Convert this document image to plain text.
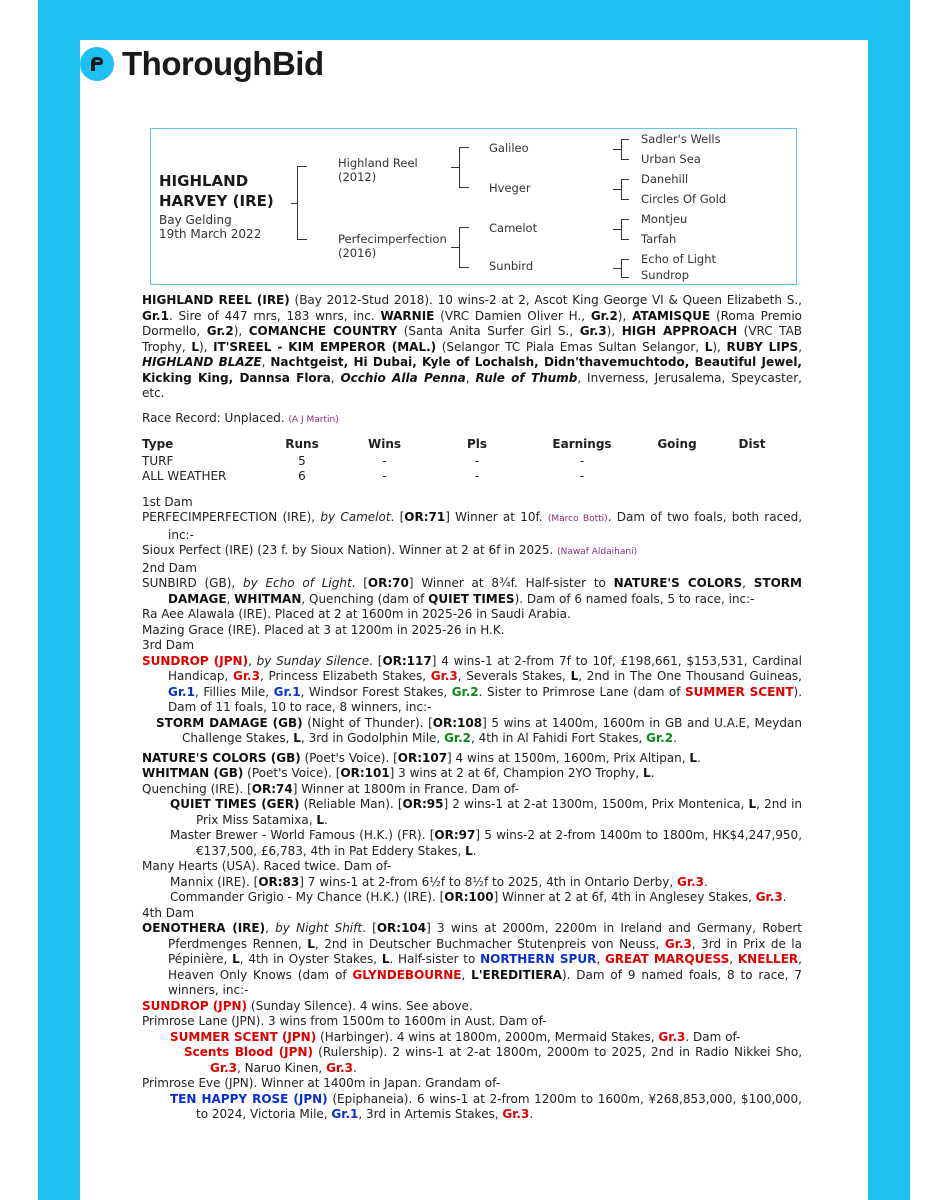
ThoroughBid
HIGHLAND
HARVEY (IRE)
Bay Gelding
19th March 2022
Highland Reel
(2012)
Perfecimperfection
(2016)
Galileo
Hveger
Camelot
Sunbird
Sadler's Wells
Urban Sea
Danehill
Circles Of Gold
Montjeu
Tarfah
Echo of Light
Sundrop

HIGHLAND REEL (IRE) (Bay 2012-Stud 2018). 10 wins-2 at 2, Ascot King George VI & Queen Elizabeth S., Gr.1. Sire of 447 rnrs, 183 wnrs, inc. WARNIE (VRC Damien Oliver H., Gr.2), ATAMISQUE (Roma Premio Dormello, Gr.2), COMANCHE COUNTRY (Santa Anita Surfer Girl S., Gr.3), HIGH APPROACH (VRC TAB Trophy, L), IT'SREEL - KIM EMPEROR (MAL.) (Selangor TC Piala Emas Sultan Selangor, L), RUBY LIPS, HIGHLAND BLAZE, Nachtgeist, Hi Dubai, Kyle of Lochalsh, Didn'thavemuchtodo, Beautiful Jewel, Kicking King, Dannsa Flora, Occhio Alla Penna, Rule of Thumb, Inverness, Jerusalema, Speycaster, etc.

Race Record: Unplaced. (A J Martin)

Type	Runs	Wins	Pls	Earnings	Going	Dist
TURF	5	-	-	-		
ALL WEATHER	6	-	-	-		

1st Dam

PERFECIMPERFECTION (IRE), by Camelot. [OR:71] Winner at 10f. (Marco Botti). Dam of two foals, both raced, inc:-

Sioux Perfect (IRE) (23 f. by Sioux Nation). Winner at 2 at 6f in 2025. (Nawaf Aldaihani)

2nd Dam

SUNBIRD (GB), by Echo of Light. [OR:70] Winner at 8¾f. Half-sister to NATURE'S COLORS, STORM DAMAGE, WHITMAN, Quenching (dam of QUIET TIMES). Dam of 6 named foals, 5 to race, inc:-

Ra Aee Alawala (IRE). Placed at 2 at 1600m in 2025-26 in Saudi Arabia.

Mazing Grace (IRE). Placed at 3 at 1200m in 2025-26 in H.K.

3rd Dam

SUNDROP (JPN), by Sunday Silence. [OR:117] 4 wins-1 at 2-from 7f to 10f, £198,661, $153,531, Cardinal Handicap, Gr.3, Princess Elizabeth Stakes, Gr.3, Severals Stakes, L, 2nd in The One Thousand Guineas, Gr.1, Fillies Mile, Gr.1, Windsor Forest Stakes, Gr.2. Sister to Primrose Lane (dam of SUMMER SCENT). Dam of 11 foals, 10 to race, 8 winners, inc:-

STORM DAMAGE (GB) (Night of Thunder). [OR:108] 5 wins at 1400m, 1600m in GB and U.A.E, Meydan Challenge Stakes, L, 3rd in Godolphin Mile, Gr.2, 4th in Al Fahidi Fort Stakes, Gr.2.

NATURE'S COLORS (GB) (Poet's Voice). [OR:107] 4 wins at 1500m, 1600m, Prix Altipan, L.

WHITMAN (GB) (Poet's Voice). [OR:101] 3 wins at 2 at 6f, Champion 2YO Trophy, L.

Quenching (IRE). [OR:74] Winner at 1800m in France. Dam of-

QUIET TIMES (GER) (Reliable Man). [OR:95] 2 wins-1 at 2-at 1300m, 1500m, Prix Montenica, L, 2nd in Prix Miss Satamixa, L.

Master Brewer - World Famous (H.K.) (FR). [OR:97] 5 wins-2 at 2-from 1400m to 1800m, HK$4,247,950, €137,500, £6,783, 4th in Pat Eddery Stakes, L.

Many Hearts (USA). Raced twice. Dam of-

Mannix (IRE). [OR:83] 7 wins-1 at 2-from 6½f to 8½f to 2025, 4th in Ontario Derby, Gr.3.

Commander Grigio - My Chance (H.K.) (IRE). [OR:100] Winner at 2 at 6f, 4th in Anglesey Stakes, Gr.3.

4th Dam

OENOTHERA (IRE), by Night Shift. [OR:104] 3 wins at 2000m, 2200m in Ireland and Germany, Robert Pferdmenges Rennen, L, 2nd in Deutscher Buchmacher Stutenpreis von Neuss, Gr.3, 3rd in Prix de la Pépinière, L, 4th in Oyster Stakes, L. Half-sister to NORTHERN SPUR, GREAT MARQUESS, KNELLER, Heaven Only Knows (dam of GLYNDEBOURNE, L'EREDITIERA). Dam of 9 named foals, 8 to race, 7 winners, inc:-

SUNDROP (JPN) (Sunday Silence). 4 wins. See above.

Primrose Lane (JPN). 3 wins from 1500m to 1600m in Aust. Dam of-

SUMMER SCENT (JPN) (Harbinger). 4 wins at 1800m, 2000m, Mermaid Stakes, Gr.3. Dam of-

Scents Blood (JPN) (Rulership). 2 wins-1 at 2-at 1800m, 2000m to 2025, 2nd in Radio Nikkei Sho, Gr.3, Naruo Kinen, Gr.3.

Primrose Eve (JPN). Winner at 1400m in Japan. Grandam of-

TEN HAPPY ROSE (JPN) (Epiphaneia). 6 wins-1 at 2-from 1200m to 1600m, ¥268,853,000, $100,000, to 2024, Victoria Mile, Gr.1, 3rd in Artemis Stakes, Gr.3.
